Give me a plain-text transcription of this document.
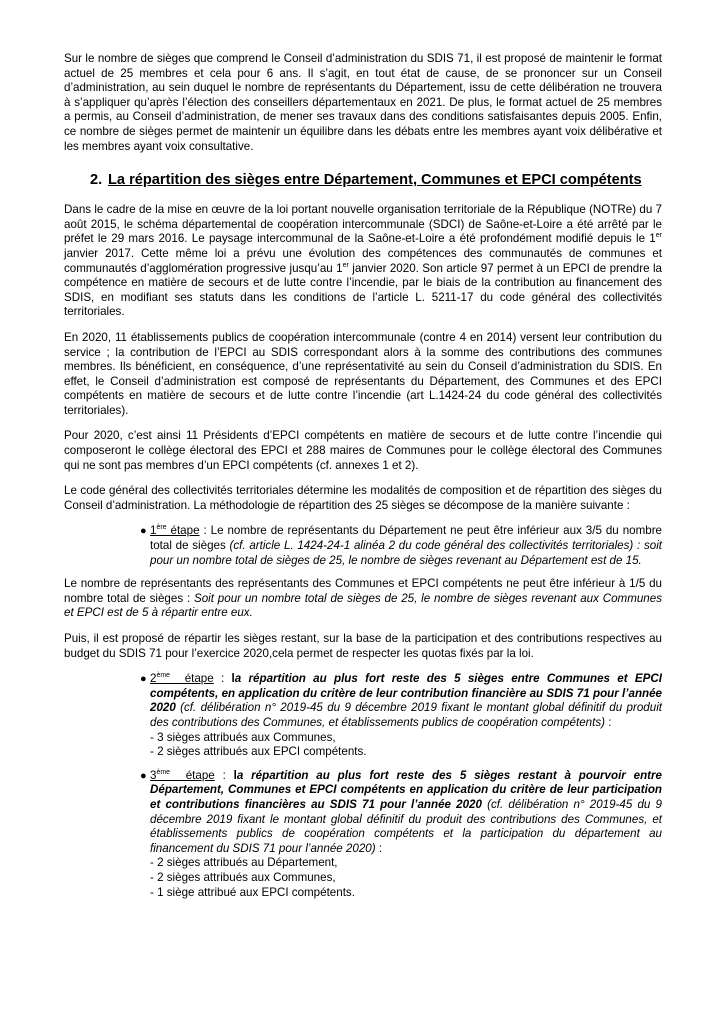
Sur le nombre de sièges que comprend le Conseil d’administration du SDIS 71, il est proposé de maintenir le format actuel de 25 membres et cela pour 6 ans. Il s’agit, en tout état de cause, de se prononcer sur un Conseil d’administration, au sein duquel le nombre de représentants du Département, issu de cette délibération ne trouvera à s’appliquer qu’après l’élection des conseillers départementaux en 2021. De plus, le format actuel de 25 membres a permis, au Conseil d’administration, de mener ses travaux dans des conditions satisfaisantes depuis 2005. Enfin, ce nombre de sièges permet de maintenir un équilibre dans les débats entre les membres ayant voix délibérative et les membres ayant voix consultative.

2. La répartition des sièges entre Département, Communes et EPCI compétents

Dans le cadre de la mise en œuvre de la loi portant nouvelle organisation territoriale de la République (NOTRe) du 7 août 2015, le schéma départemental de coopération intercommunale (SDCI) de Saône-et-Loire a été arrêté par le préfet le 29 mars 2016. Le paysage intercommunal de la Saône-et-Loire a été profondément modifié depuis le 1er janvier 2017. Cette même loi a prévu une évolution des compétences des communautés de communes et communautés d’agglomération progressive jusqu’au 1er janvier 2020. Son article 97 permet à un EPCI de prendre la compétence en matière de secours et de lutte contre l’incendie, par le biais de la contribution au financement des SDIS, en modifiant ses statuts dans les conditions de l’article L. 5211-17 du code général des collectivités territoriales.

En 2020, 11 établissements publics de coopération intercommunale (contre 4 en 2014) versent leur contribution du service ; la contribution de l’EPCI au SDIS correspondant alors à la somme des contributions des communes membres. Ils bénéficient, en conséquence, d’une représentativité au sein du Conseil d’administration du SDIS. En effet, le Conseil d’administration est composé de représentants du Département, des Communes et des EPCI compétents en matière de secours et de lutte contre l’incendie (art L.1424-24 du code général des collectivités territoriales).

Pour 2020, c’est ainsi 11 Présidents d’EPCI compétents en matière de secours et de lutte contre l’incendie qui composeront le collège électoral des EPCI et 288 maires de Communes pour le collège électoral des Communes qui ne sont pas membres d’un EPCI compétents (cf. annexes 1 et 2).

Le code général des collectivités territoriales détermine les modalités de composition et de répartition des sièges du Conseil d’administration. La méthodologie de répartition des 25 sièges se décompose de la manière suivante :

● 1ère étape : Le nombre de représentants du Département ne peut être inférieur aux 3/5 du nombre total de sièges (cf. article L. 1424-24-1 alinéa 2 du code général des collectivités territoriales) : soit pour un nombre total de sièges de 25, le nombre de sièges revenant au Département est de 15.

Le nombre de représentants des représentants des Communes et EPCI compétents ne peut être inférieur à 1/5 du nombre total de sièges : Soit pour un nombre total de sièges de 25, le nombre de sièges revenant aux Communes et EPCI est de 5 à répartir entre eux.

Puis, il est proposé de répartir les sièges restant, sur la base de la participation et des contributions respectives au budget du SDIS 71 pour l’exercice 2020,cela permet de respecter les quotas fixés par la loi.

● 2ème  étape : la répartition au plus fort reste des 5 sièges entre Communes et EPCI compétents, en application du critère de leur contribution financière au SDIS 71 pour l’année 2020 (cf. délibération n° 2019-45 du 9 décembre 2019 fixant le montant global définitif du produit des contributions des Communes, et établissements publics de coopération compétents) :
- 3 sièges attribués aux Communes,
- 2 sièges attribués aux EPCI compétents.
● 3ème  étape : la répartition au plus fort reste des 5 sièges restant à pourvoir entre Département, Communes et EPCI compétents en application du critère de leur participation et contributions financières au SDIS 71 pour l’année 2020 (cf. délibération n° 2019-45 du 9 décembre 2019 fixant le montant global définitif du produit des contributions des Communes, et établissements publics de coopération compétents et la participation du département au financement du SDIS 71 pour l’année 2020) :
- 2 sièges attribués au Département,
- 2 sièges attribués aux Communes,
- 1 siège attribué aux EPCI compétents.
